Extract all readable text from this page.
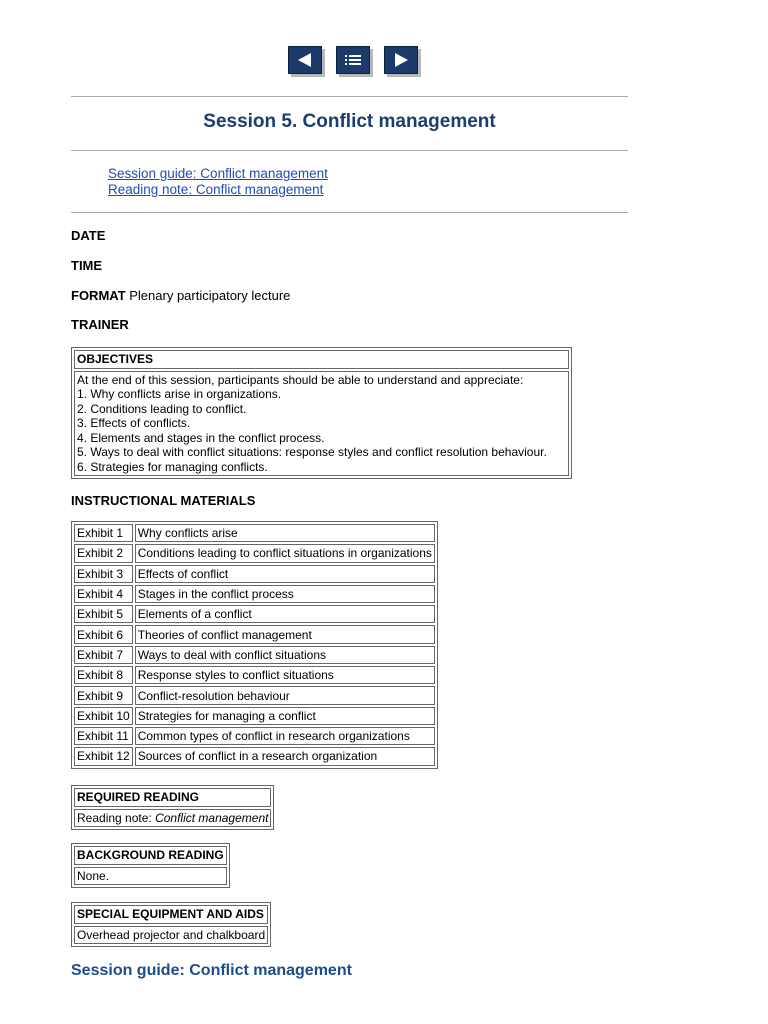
Session 5. Conflict management
Session guide: Conflict management
Reading note: Conflict management
DATE
TIME
FORMAT Plenary participatory lecture
TRAINER
OBJECTIVES

At the end of this session, participants should be able to understand and appreciate:
1. Why conflicts arise in organizations.
2. Conditions leading to conflict.
3. Effects of conflicts.
4. Elements and stages in the conflict process.
5. Ways to deal with conflict situations: response styles and conflict resolution behaviour.
6. Strategies for managing conflicts.
INSTRUCTIONAL MATERIALS
Exhibit 1	Why conflicts arise
Exhibit 2	Conditions leading to conflict situations in organizations
Exhibit 3	Effects of conflict
Exhibit 4	Stages in the conflict process
Exhibit 5	Elements of a conflict
Exhibit 6	Theories of conflict management
Exhibit 7	Ways to deal with conflict situations
Exhibit 8	Response styles to conflict situations
Exhibit 9	Conflict-resolution behaviour
Exhibit 10	Strategies for managing a conflict
Exhibit 11	Common types of conflict in research organizations
Exhibit 12	Sources of conflict in a research organization
REQUIRED READING
Reading note: Conflict management
BACKGROUND READING
None.
SPECIAL EQUIPMENT AND AIDS
Overhead projector and chalkboard
Session guide: Conflict management
